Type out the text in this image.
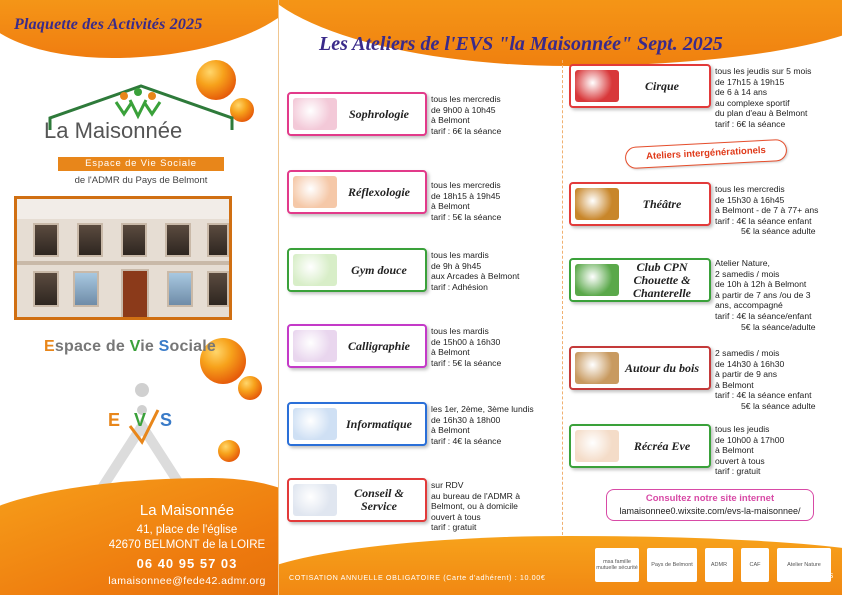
Plaquette des Activités 2025
La Maisonnée
Espace de Vie Sociale
de l'ADMR du Pays de Belmont
Espace de Vie Sociale
EVS
La Maisonnée
41, place de l'église
42670 BELMONT de la LOIRE
06 40 95 57 03
lamaisonnee@fede42.admr.org
Les Ateliers de l'EVS "la Maisonnée" Sept. 2025
Sophrologie
tous les mercredis
de 9h00 à 10h45
à Belmont
tarif : 6€ la séance
Réflexologie	tous les mercredis
de 18h15 à 19h45
à Belmont
tarif : 5€ la séance
Gym douce
tous les mardis
de 9h à 9h45
aux Arcades à Belmont
tarif : Adhésion
Calligraphie
tous les mardis
de 15h00 à 16h30
à Belmont
tarif : 5€ la séance
Informatique
les 1er, 2ème, 3ème lundis
de 16h30 à 18h00
à Belmont
tarif : 4€ la séance
Conseil & Service
sur RDV
au bureau de l'ADMR à
Belmont, ou à domicile
ouvert à tous
tarif : gratuit
Cirque
tous les jeudis sur 5 mois
de 17h15 à 19h15
de 6 à 14 ans
au complexe sportif
du plan d'eau à Belmont
tarif : 6€ la séance
Théâtre
tous les mercredis
de 15h30 à 16h45
à Belmont - de 7 à 77+ ans
tarif : 4€ la séance enfant
5€ la séance adulte
Club CPN Chouette & Chanterelle
Atelier Nature,
2 samedis / mois
de 10h à 12h à Belmont
à partir de 7 ans /ou de 3
ans, accompagné
tarif : 4€ la séance/enfant
5€ la séance/adulte
Autour du bois
2 samedis / mois
de 14h30 à 16h30
à partir de 9 ans
à Belmont
tarif : 4€ la séance enfant
5€ la séance adulte
Récréa Eve
tous les jeudis
de 10h00 à 17h00
à Belmont
ouvert à tous
tarif : gratuit
Ateliers intergénérationels
Consultez notre site internet
lamaisonnee0.wixsite.com/evs-la-maisonnee/
COTISATION ANNUELLE OBLIGATOIRE (Carte d'adhérent) : 10.00€
msa famille mutuelle sécurité Pays de Belmont	ADMR	CAF	Atelier Nature
IPNS
